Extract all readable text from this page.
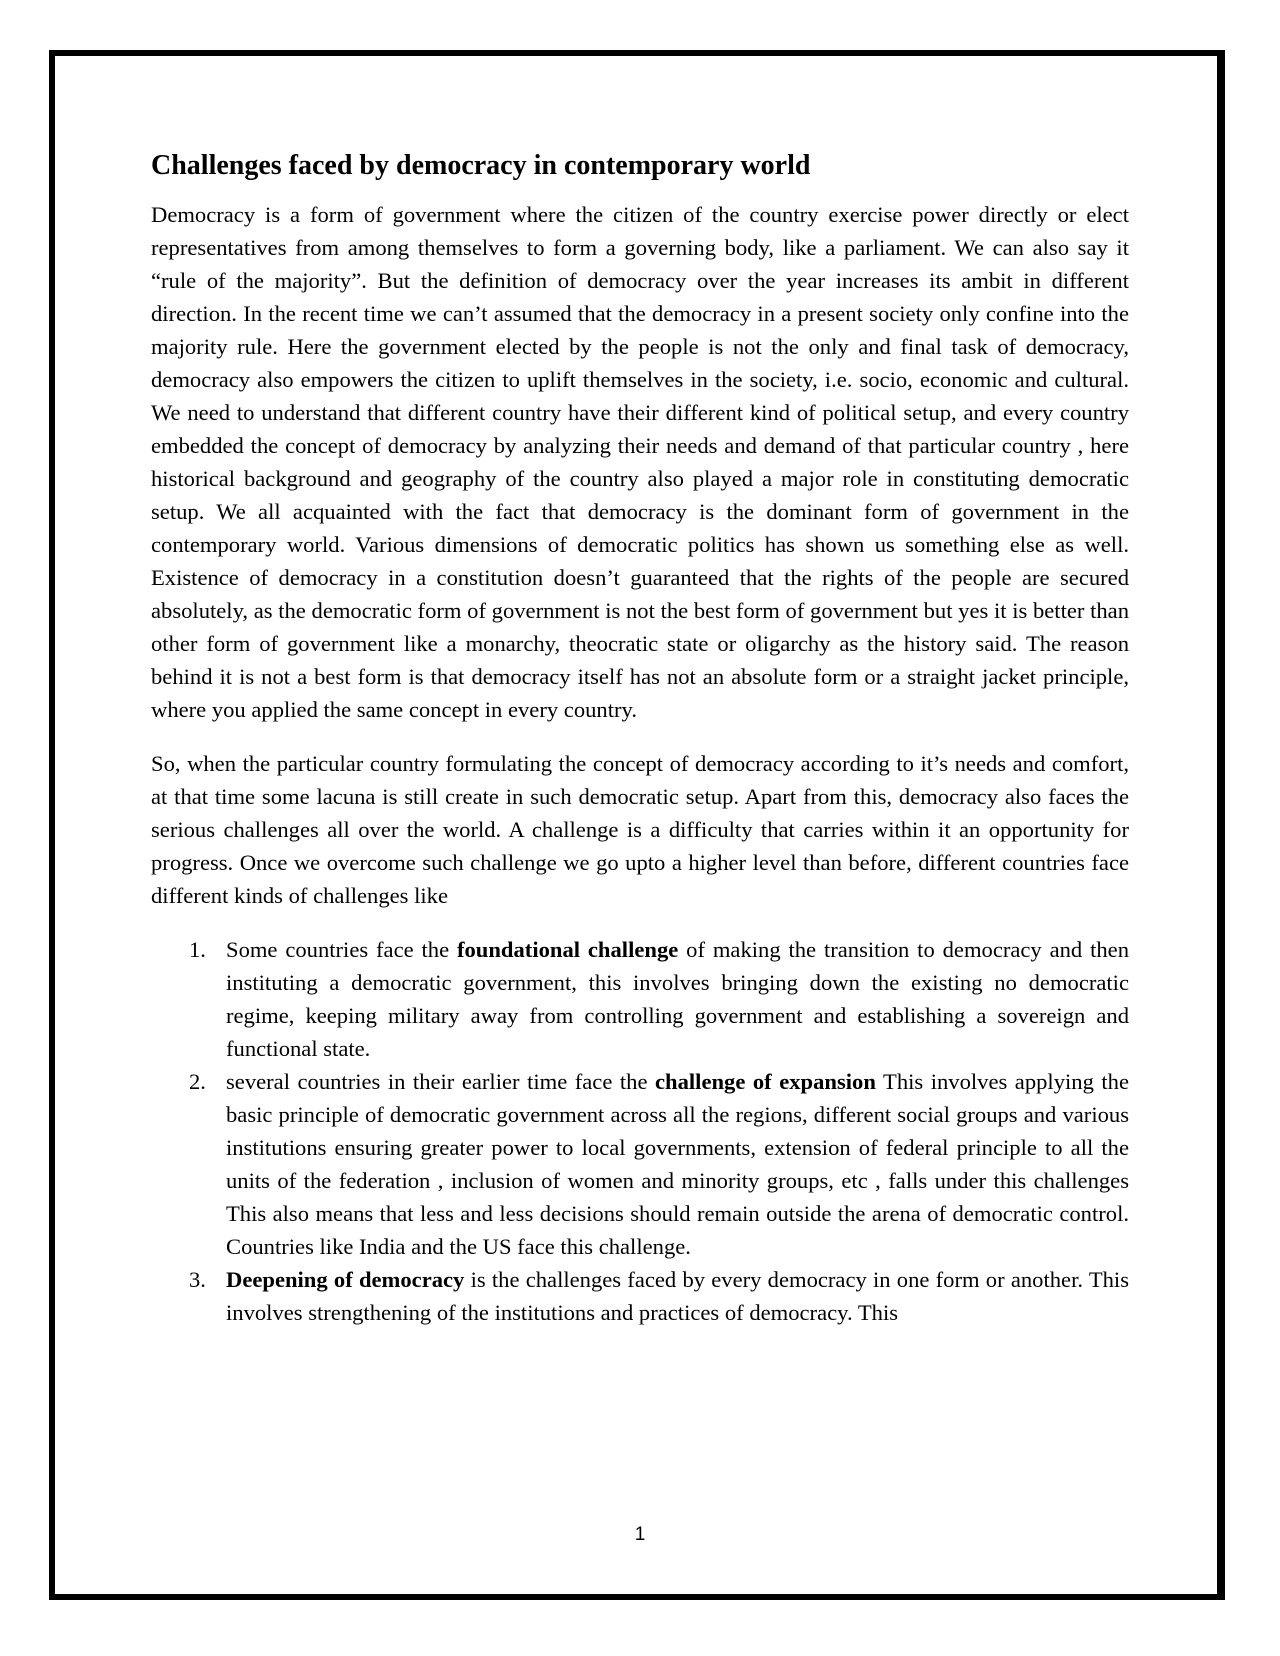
Challenges faced by democracy in contemporary world

Democracy is a form of government where the citizen of the country exercise power directly or elect representatives from among themselves to form a governing body, like a parliament. We can also say it “rule of the majority”. But the definition of democracy over the year increases its ambit in different direction. In the recent time we can’t assumed that the democracy in a present society only confine into the majority rule. Here the government elected by the people is not the only and final task of democracy, democracy also empowers the citizen to uplift themselves in the society, i.e. socio, economic and cultural. We need to understand that different country have their different kind of political setup, and every country embedded the concept of democracy by analyzing their needs and demand of that particular country , here historical background and geography of the country also played a major role in constituting democratic setup. We all acquainted with the fact that democracy is the dominant form of government in the contemporary world. Various dimensions of democratic politics has shown us something else as well. Existence of democracy in a constitution doesn’t guaranteed that the rights of the people are secured absolutely, as the democratic form of government is not the best form of government but yes it is better than other form of government like a monarchy, theocratic state or oligarchy as the history said. The reason behind it is not a best form is that democracy itself has not an absolute form or a straight jacket principle, where you applied the same concept in every country.

So, when the particular country formulating the concept of democracy according to it’s needs and comfort, at that time some lacuna is still create in such democratic setup. Apart from this, democracy also faces the serious challenges all over the world. A challenge is a difficulty that carries within it an opportunity for progress. Once we overcome such challenge we go upto a higher level than before, different countries face different kinds of challenges like

1. Some countries face the foundational challenge of making the transition to democracy and then instituting a democratic government, this involves bringing down the existing no democratic regime, keeping military away from controlling government and establishing a sovereign and functional state.
2. several countries in their earlier time face the challenge of expansion This involves applying the basic principle of democratic government across all the regions, different social groups and various institutions ensuring greater power to local governments, extension of federal principle to all the units of the federation , inclusion of women and minority groups, etc , falls under this challenges This also means that less and less decisions should remain outside the arena of democratic control. Countries like India and the US face this challenge.
3. Deepening of democracy is the challenges faced by every democracy in one form or another. This involves strengthening of the institutions and practices of democracy. This
1
